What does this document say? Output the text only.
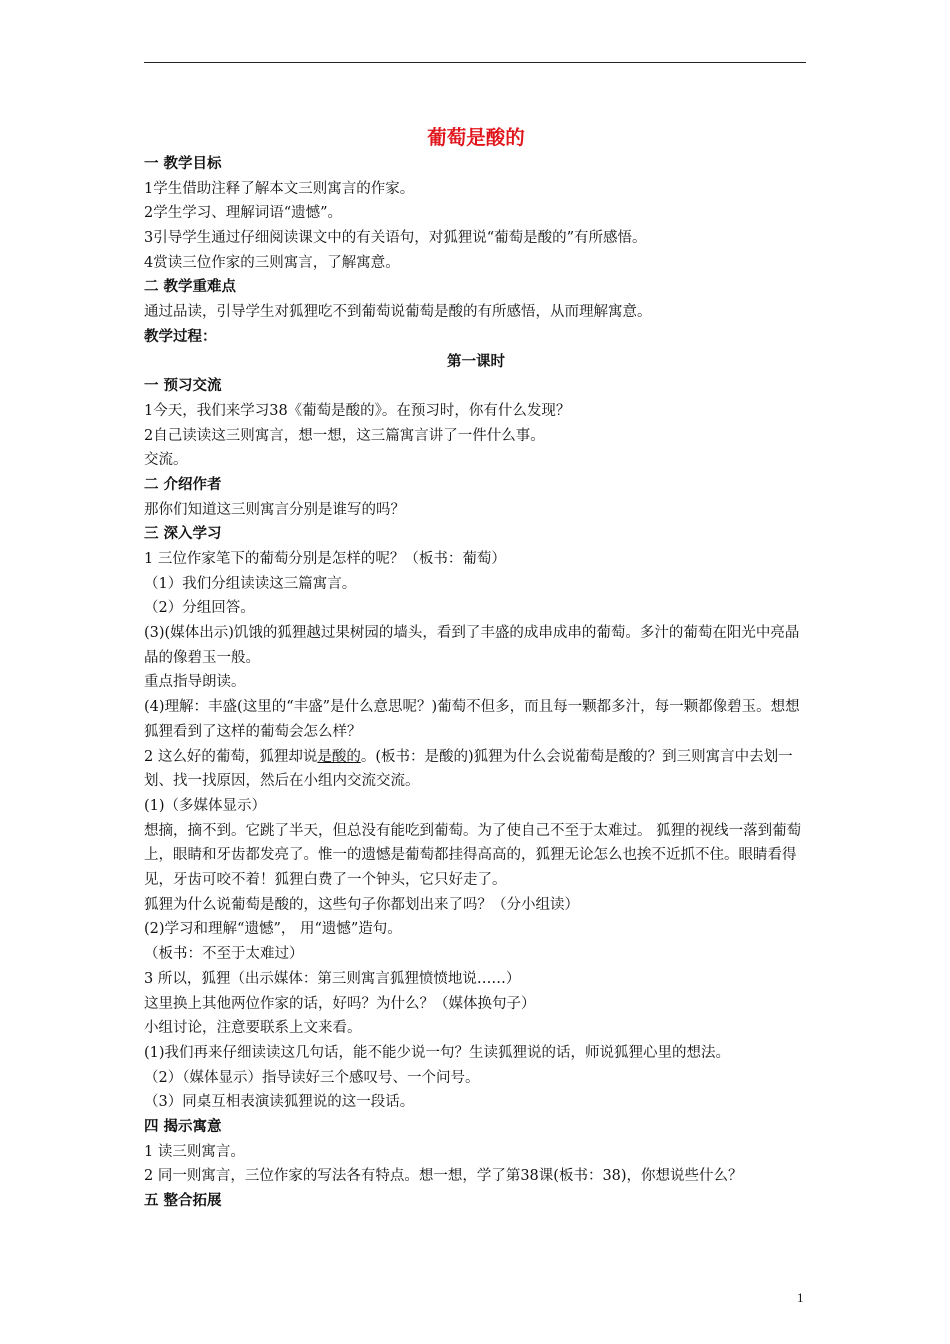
葡萄是酸的
一 教学目标
1学生借助注释了解本文三则寓言的作家。
2学生学习、理解词语“遗憾”。
3引导学生通过仔细阅读课文中的有关语句，对狐狸说“葡萄是酸的”有所感悟。
4赏读三位作家的三则寓言，了解寓意。
二 教学重难点
通过品读，引导学生对狐狸吃不到葡萄说葡萄是酸的有所感悟，从而理解寓意。
教学过程：
第一课时
一 预习交流
1今天，我们来学习38《葡萄是酸的》。在预习时，你有什么发现？
2自己读读这三则寓言，想一想，这三篇寓言讲了一件什么事。
交流。
二 介绍作者
那你们知道这三则寓言分别是谁写的吗？
三 深入学习
1 三位作家笔下的葡萄分别是怎样的呢？（板书：葡萄）
（1）我们分组读读这三篇寓言。
（2）分组回答。
(3)(媒体出示)饥饿的狐狸越过果树园的墙头，看到了丰盛的成串成串的葡萄。多汁的葡萄在阳光中亮晶晶的像碧玉一般。
重点指导朗读。
(4)理解：丰盛(这里的“丰盛”是什么意思呢？)葡萄不但多，而且每一颗都多汁，每一颗都像碧玉。想想狐狸看到了这样的葡萄会怎么样？
2 这么好的葡萄，狐狸却说是酸的。(板书：是酸的)狐狸为什么会说葡萄是酸的？到三则寓言中去划一划、找一找原因，然后在小组内交流交流。
(1)（多媒体显示）
想摘，摘不到。它跳了半天，但总没有能吃到葡萄。为了使自己不至于太难过。 狐狸的视线一落到葡萄上，眼睛和牙齿都发亮了。惟一的遗憾是葡萄都挂得高高的，狐狸无论怎么也挨不近抓不住。眼睛看得见，牙齿可咬不着！狐狸白费了一个钟头，它只好走了。
狐狸为什么说葡萄是酸的，这些句子你都划出来了吗？（分小组读）
(2)学习和理解“遗憾”， 用“遗憾”造句。
（板书：不至于太难过）
3 所以，狐狸（出示媒体：第三则寓言狐狸愤愤地说……）
这里换上其他两位作家的话，好吗？为什么？（媒体换句子）
小组讨论，注意要联系上文来看。
(1)我们再来仔细读读这几句话，能不能少说一句？生读狐狸说的话，师说狐狸心里的想法。
（2）（媒体显示）指导读好三个感叹号、一个问号。
（3）同桌互相表演读狐狸说的这一段话。
四 揭示寓意
1 读三则寓言。
2 同一则寓言，三位作家的写法各有特点。想一想，学了第38课(板书：38)，你想说些什么？
五 整合拓展
1
